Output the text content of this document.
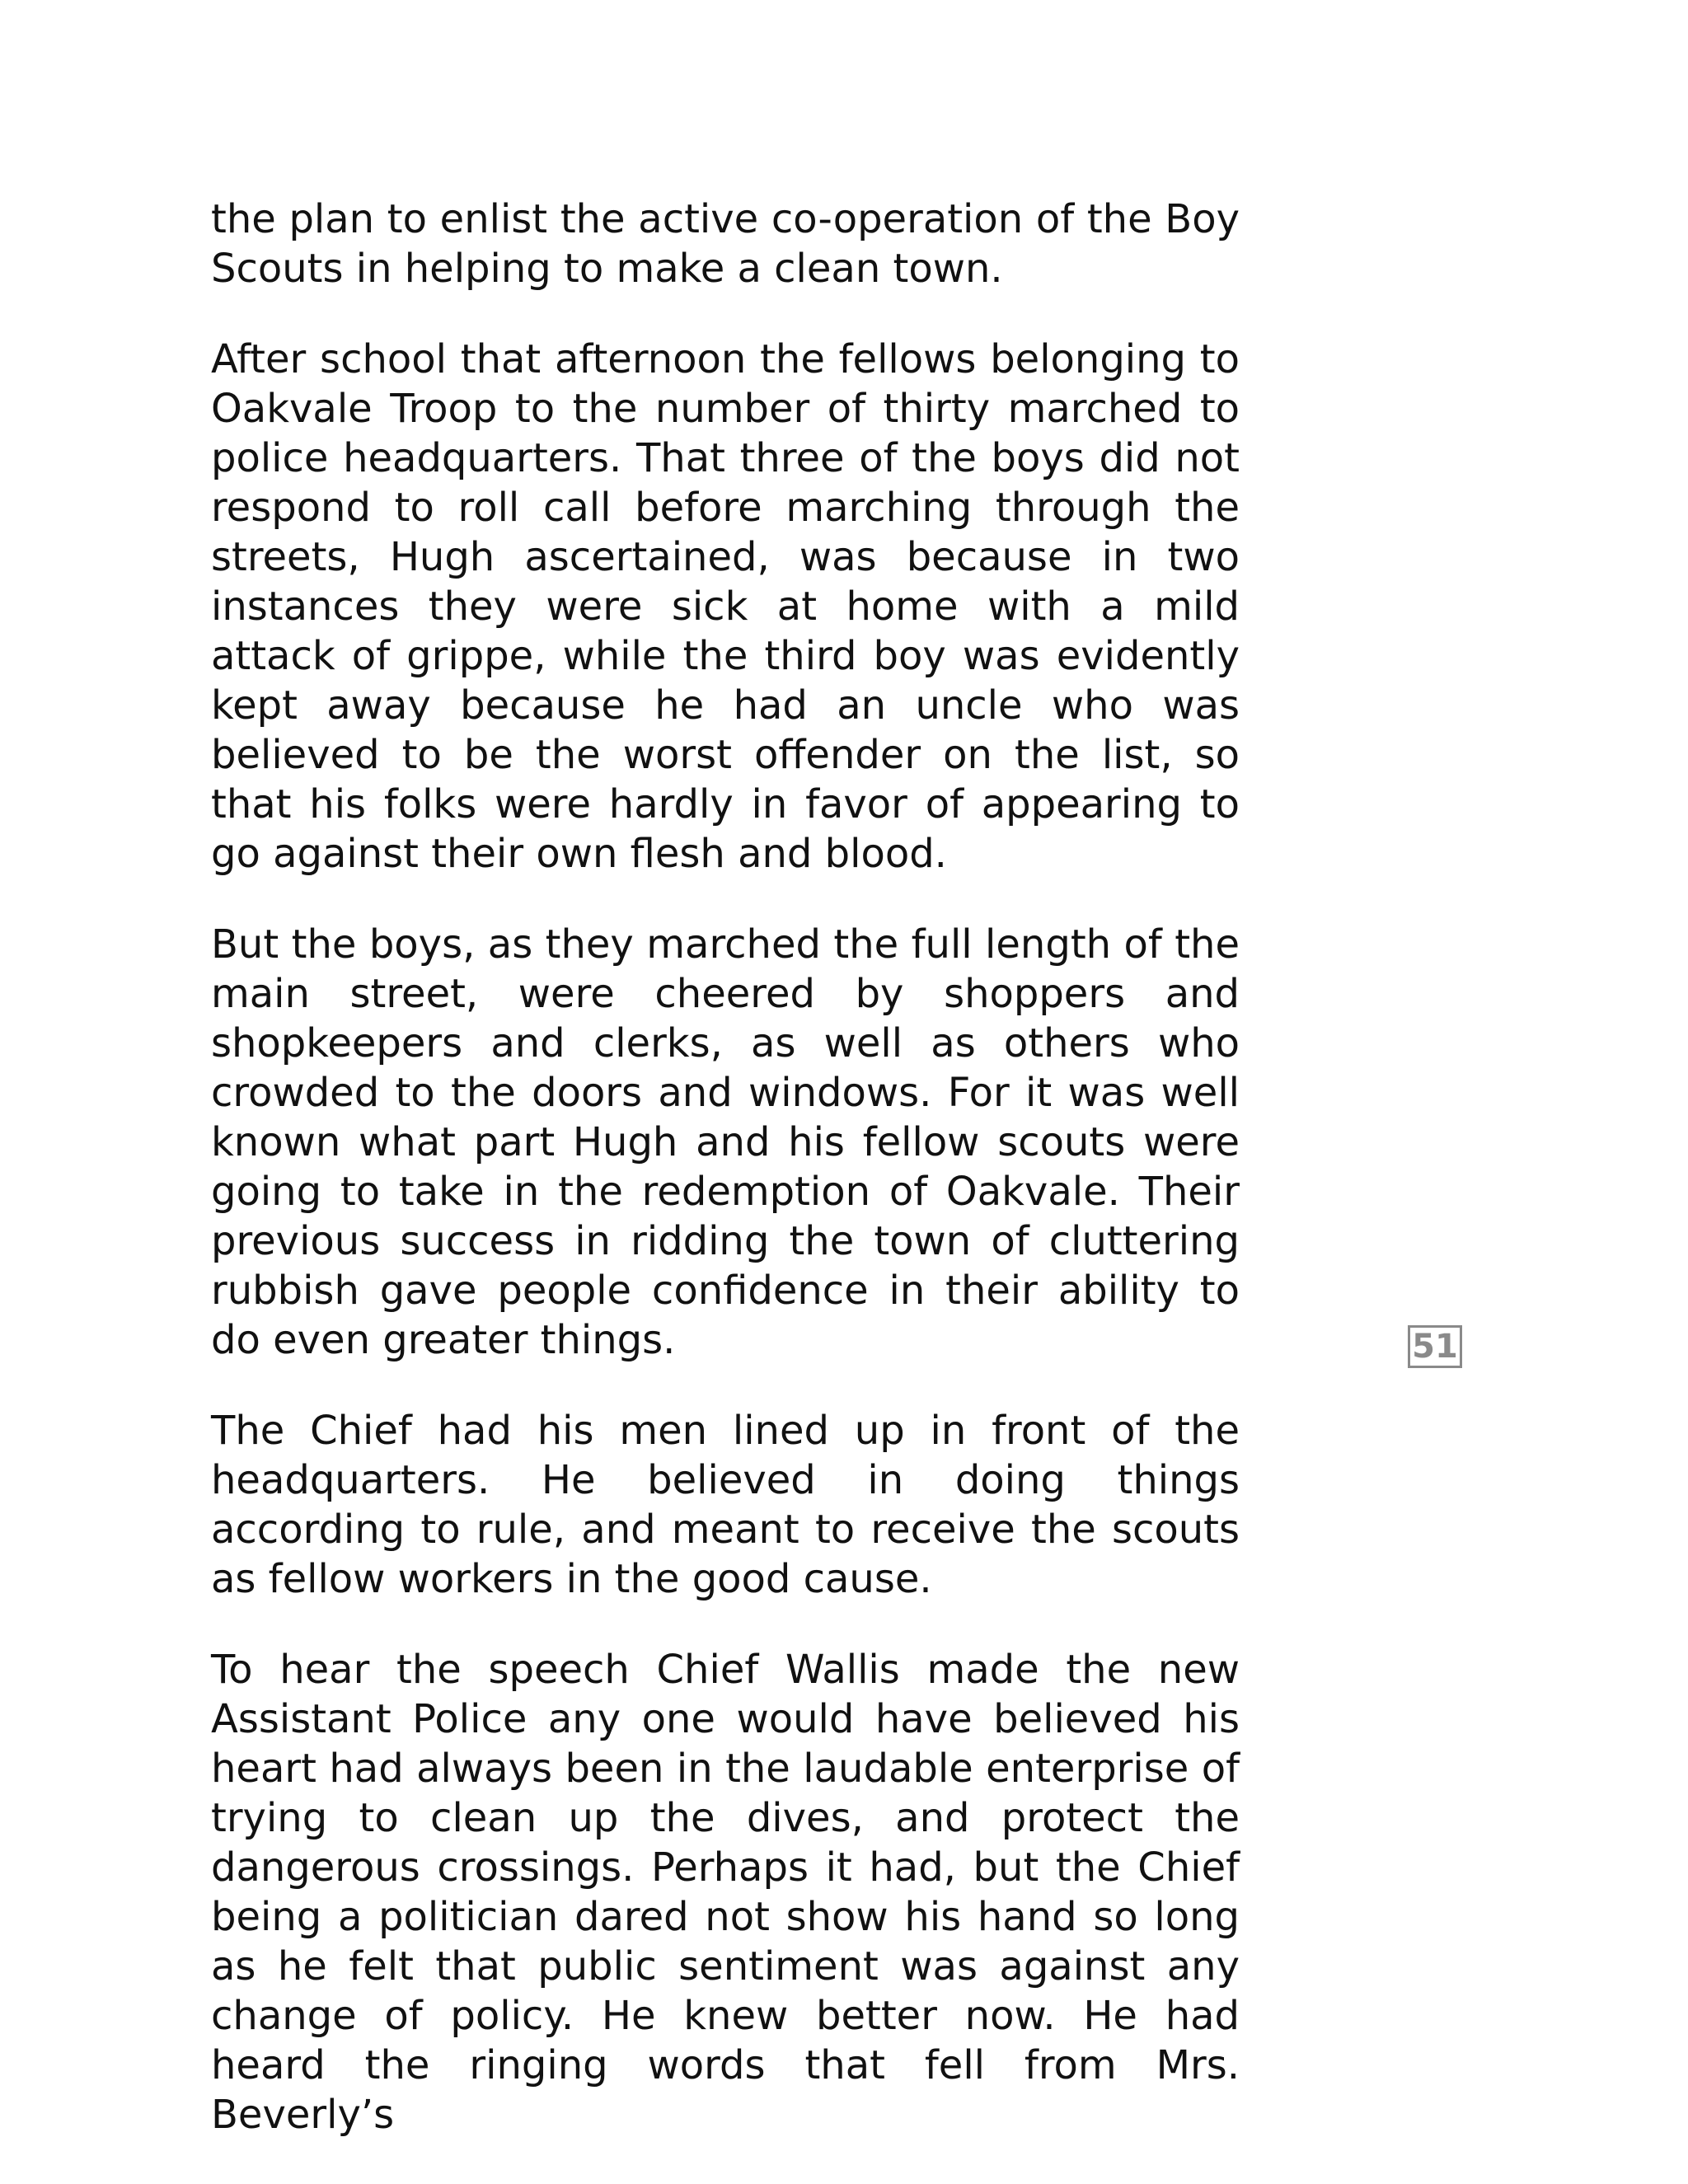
the plan to enlist the active co-operation of the Boy Scouts in helping to make a clean town.

After school that afternoon the fellows belonging to Oakvale Troop to the number of thirty marched to police headquarters. That three of the boys did not respond to roll call before marching through the streets, Hugh ascertained, was because in two instances they were sick at home with a mild attack of grippe, while the third boy was evidently kept away because he had an uncle who was believed to be the worst offender on the list, so that his folks were hardly in favor of appearing to go against their own flesh and blood.

But the boys, as they marched the full length of the main street, were cheered by shoppers and shopkeepers and clerks, as well as others who crowded to the doors and windows. For it was well known what part Hugh and his fellow scouts were going to take in the redemption of Oakvale. Their previous success in ridding the town of cluttering rubbish gave people confidence in their ability to do even greater things.

The Chief had his men lined up in front of the headquarters. He believed in doing things according to rule, and meant to receive the scouts as fellow workers in the good cause.

To hear the speech Chief Wallis made the new Assistant Police any one would have believed his heart had always been in the laudable enterprise of trying to clean up the dives, and protect the dangerous crossings. Perhaps it had, but the Chief being a politician dared not show his hand so long as he felt that public sentiment was against any change of policy. He knew better now. He had heard the ringing words that fell from Mrs. Beverly’s

51
